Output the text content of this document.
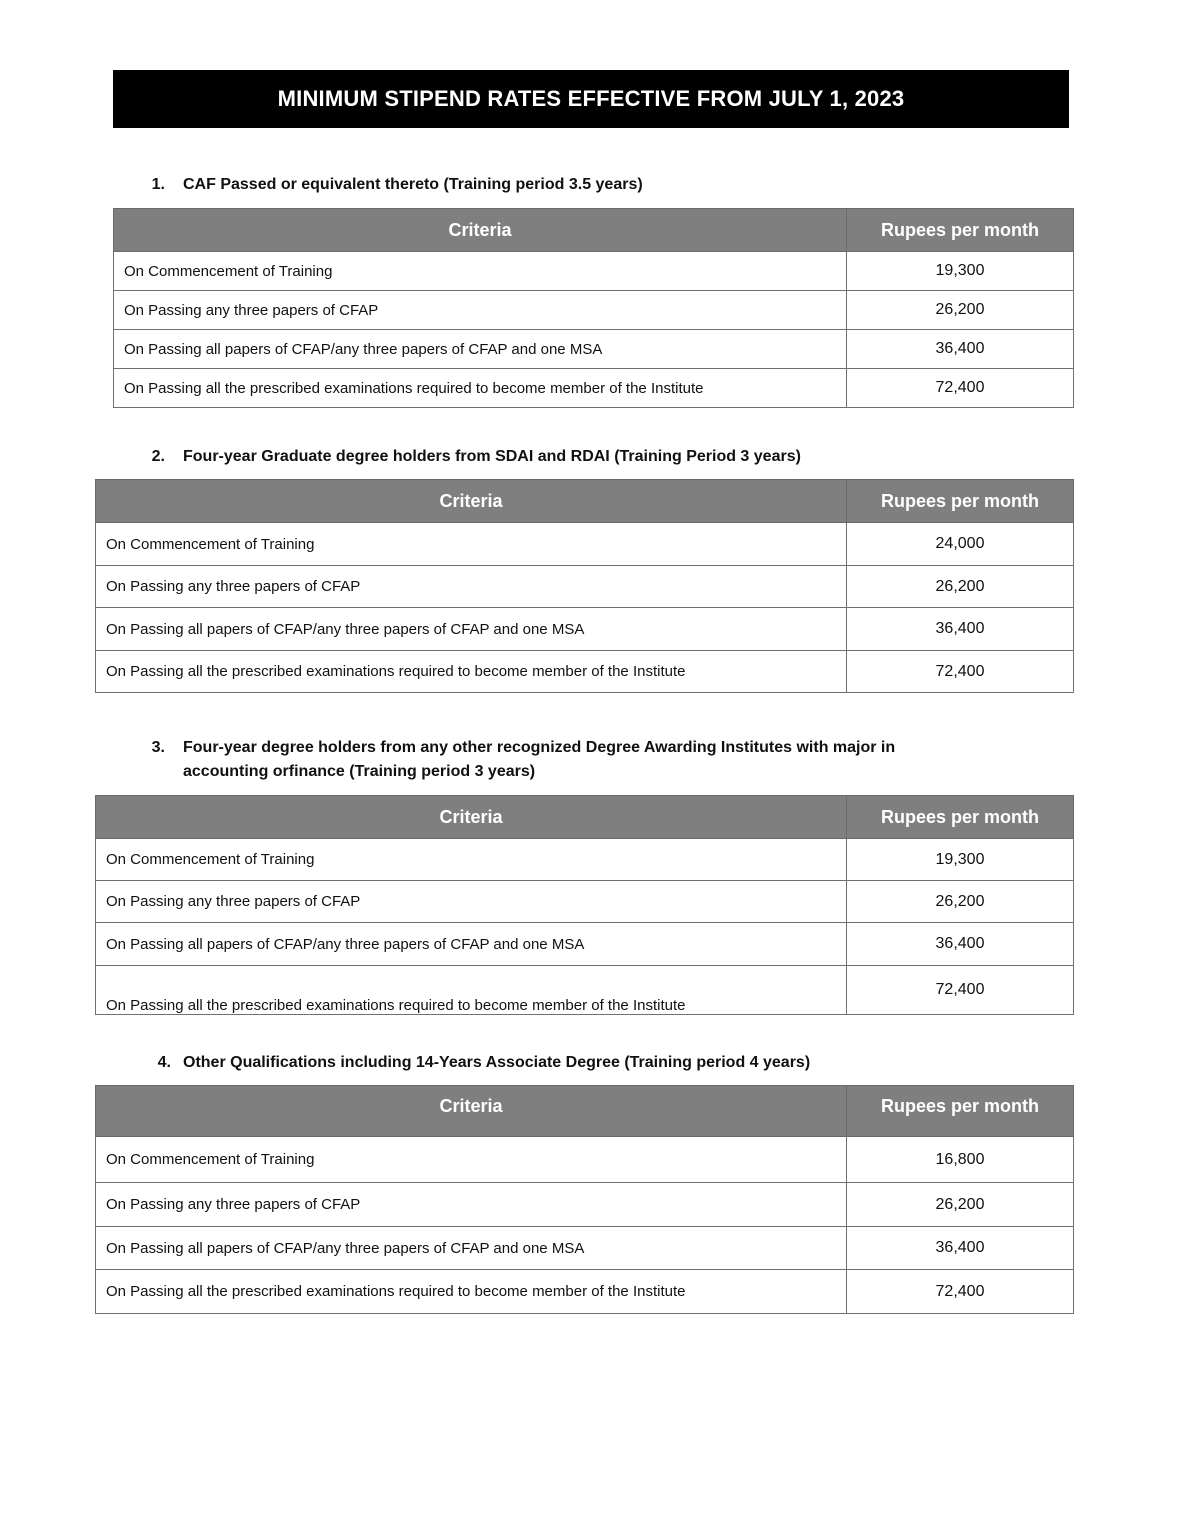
MINIMUM STIPEND RATES EFFECTIVE FROM JULY 1, 2023
1. CAF Passed or equivalent thereto (Training period 3.5 years)
Criteria	Rupees per month
On Commencement of Training	19,300
On Passing any three papers of CFAP	26,200
On Passing all papers of CFAP/any three papers of CFAP and one MSA	36,400
On Passing all the prescribed examinations required to become member of the Institute	72,400
2. Four-year Graduate degree holders from SDAI and RDAI (Training Period 3 years)
Criteria	Rupees per month
On Commencement of Training	24,000
On Passing any three papers of CFAP	26,200
On Passing all papers of CFAP/any three papers of CFAP and one MSA	36,400
On Passing all the prescribed examinations required to become member of the Institute	72,400
3. Four-year degree holders from any other recognized Degree Awarding Institutes with major in
accounting orfinance (Training period 3 years)
Criteria	Rupees per month
On Commencement of Training	19,300
On Passing any three papers of CFAP	26,200
On Passing all papers of CFAP/any three papers of CFAP and one MSA	36,400
On Passing all the prescribed examinations required to become member of the Institute	72,400
4. Other Qualifications including 14-Years Associate Degree (Training period 4 years)
Criteria	Rupees per month
On Commencement of Training	16,800
On Passing any three papers of CFAP	26,200
On Passing all papers of CFAP/any three papers of CFAP and one MSA	36,400
On Passing all the prescribed examinations required to become member of the Institute	72,400
